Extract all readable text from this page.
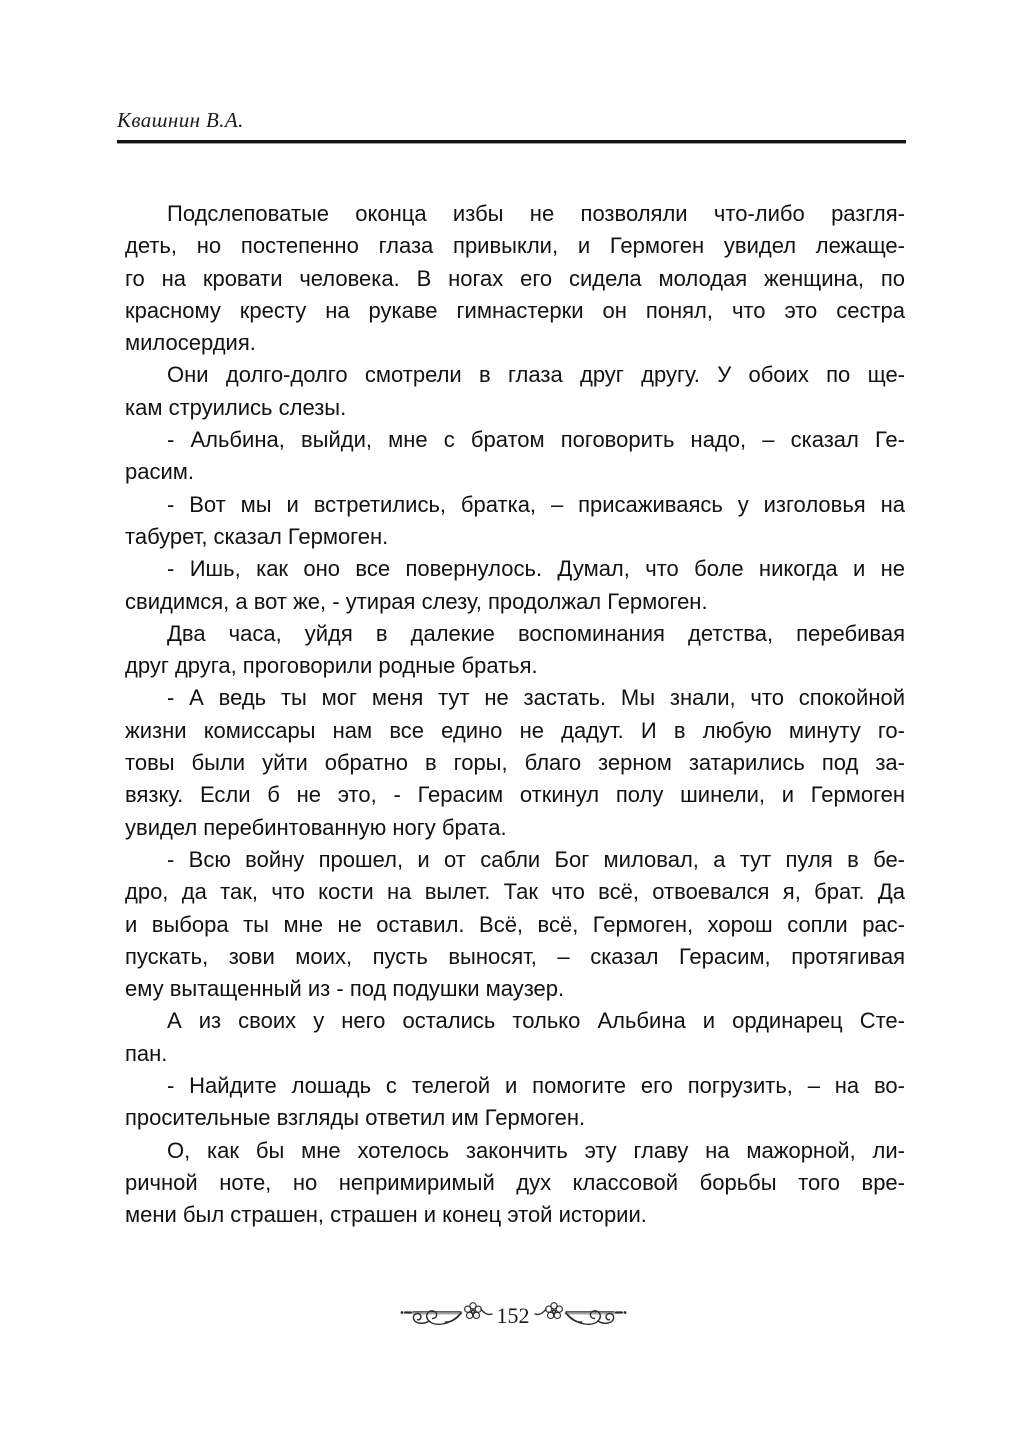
Квашнин В.А.
Подслеповатые оконца избы не позволяли что-либо разгля-
деть, но постепенно глаза привыкли, и Гермоген увидел лежаще-
го на кровати человека. В ногах его сидела молодая женщина, по
красному кресту на рукаве гимнастерки он понял, что это сестра
милосердия.
Они долго-долго смотрели в глаза друг другу. У обоих по ще-
кам струились слезы.
- Альбина, выйди, мне с братом поговорить надо, – сказал Ге-
расим.
- Вот мы и встретились, братка, – присаживаясь у изголовья на
табурет, сказал Гермоген.
- Ишь, как оно все повернулось. Думал, что боле никогда и не
свидимся, а вот же, - утирая слезу, продолжал Гермоген.
Два часа, уйдя в далекие воспоминания детства, перебивая
друг друга, проговорили родные братья.
- А ведь ты мог меня тут не застать. Мы знали, что спокойной
жизни комиссары нам все едино не дадут. И в любую минуту го-
товы были уйти обратно в горы, благо зерном затарились под за-
вязку. Если б не это, - Герасим откинул полу шинели, и Гермоген
увидел перебинтованную ногу брата.
- Всю войну прошел, и от сабли Бог миловал, а тут пуля в бе-
дро, да так, что кости на вылет. Так что всё, отвоевался я, брат. Да
и выбора ты мне не оставил. Всё, всё, Гермоген, хорош сопли рас-
пускать, зови моих, пусть выносят, – сказал Герасим, протягивая
ему вытащенный из - под подушки маузер.
А из своих у него остались только Альбина и ординарец Сте-
пан.
- Найдите лошадь с телегой и помогите его погрузить, – на во-
просительные взгляды ответил им Гермоген.
О, как бы мне хотелось закончить эту главу на мажорной, ли-
ричной ноте, но непримиримый дух классовой борьбы того вре-
мени был страшен, страшен и конец этой истории.
152
